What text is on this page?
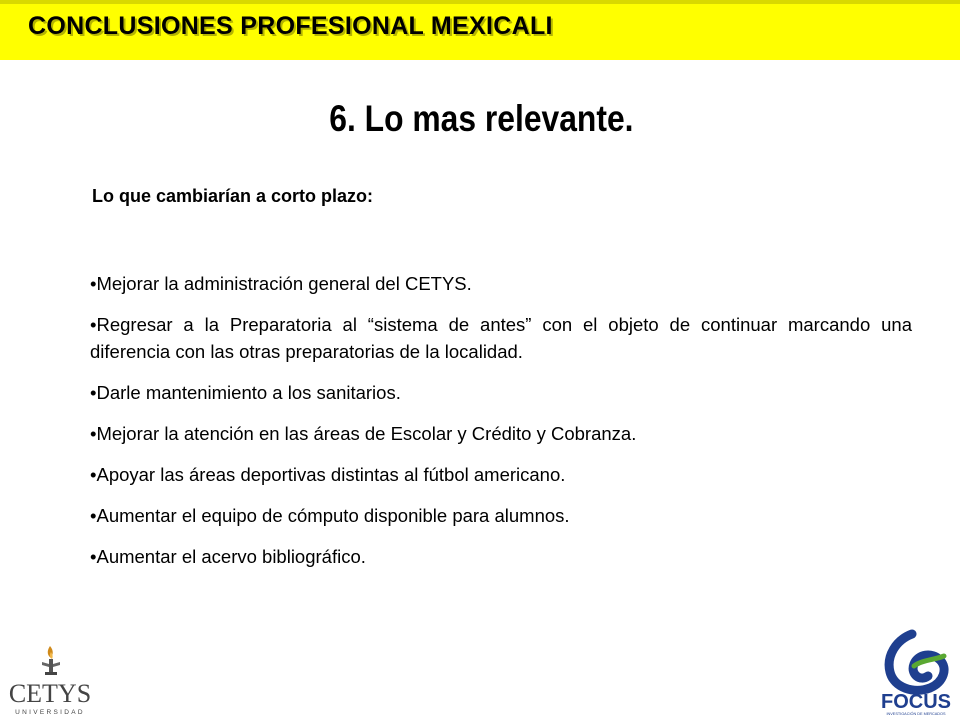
CONCLUSIONES PROFESIONAL MEXICALI
6. Lo mas relevante.
Lo que cambiarían a corto plazo:
•Mejorar la administración general del CETYS.
•Regresar a la Preparatoria al “sistema de antes” con el objeto de continuar marcando una diferencia con las otras preparatorias de la localidad.
•Darle mantenimiento a los sanitarios.
•Mejorar la atención en las áreas de Escolar y Crédito y Cobranza.
•Apoyar las áreas deportivas distintas al fútbol americano.
•Aumentar el equipo de cómputo disponible para alumnos.
•Aumentar el acervo bibliográfico.
CETYS
UNIVERSIDAD	FOCUS
INVESTIGACIÓN DE MERCADOS
